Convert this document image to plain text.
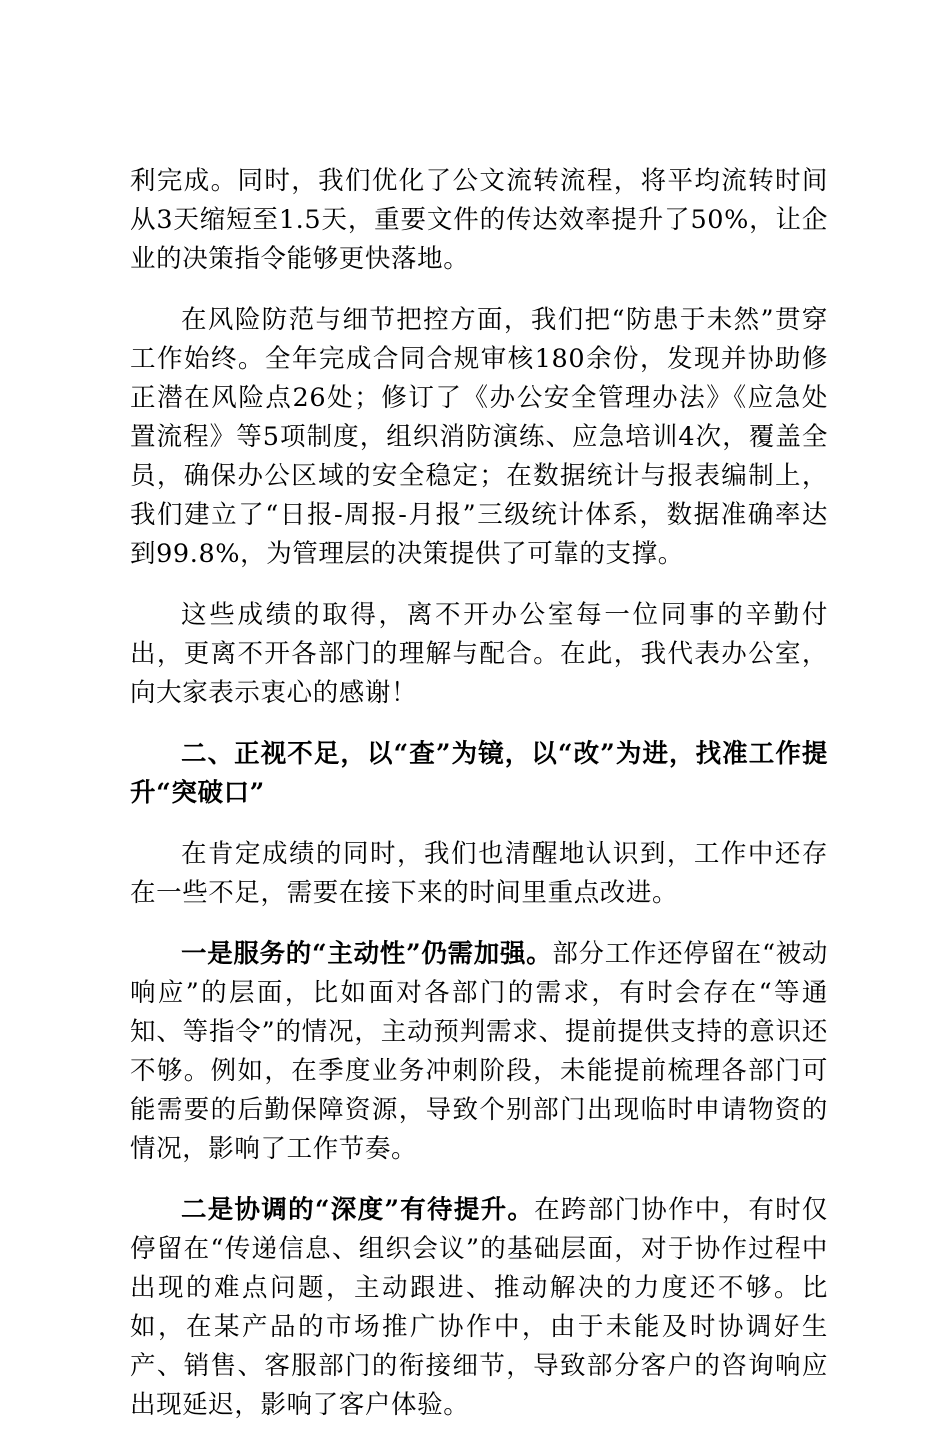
利完成。同时，我们优化了公文流转流程，将平均流转时间从3天缩短至1.5天，重要文件的传达效率提升了50%，让企业的决策指令能够更快落地。

在风险防范与细节把控方面，我们把“防患于未然”贯穿工作始终。全年完成合同合规审核180余份，发现并协助修正潜在风险点26处；修订了《办公安全管理办法》《应急处置流程》等5项制度，组织消防演练、应急培训4次，覆盖全员，确保办公区域的安全稳定；在数据统计与报表编制上，我们建立了“日报-周报-月报”三级统计体系，数据准确率达到99.8%，为管理层的决策提供了可靠的支撑。

这些成绩的取得，离不开办公室每一位同事的辛勤付出，更离不开各部门的理解与配合。在此，我代表办公室，向大家表示衷心的感谢！

二、正视不足，以“查”为镜，以“改”为进，找准工作提升“突破口”

在肯定成绩的同时，我们也清醒地认识到，工作中还存在一些不足，需要在接下来的时间里重点改进。

一是服务的“主动性”仍需加强。部分工作还停留在“被动响应”的层面，比如面对各部门的需求，有时会存在“等通知、等指令”的情况，主动预判需求、提前提供支持的意识还不够。例如，在季度业务冲刺阶段，未能提前梳理各部门可能需要的后勤保障资源，导致个别部门出现临时申请物资的情况，影响了工作节奏。

二是协调的“深度”有待提升。在跨部门协作中，有时仅停留在“传递信息、组织会议”的基础层面，对于协作过程中出现的难点问题，主动跟进、推动解决的力度还不够。比如，在某产品的市场推广协作中，由于未能及时协调好生产、销售、客服部门的衔接细节，导致部分客户的咨询响应出现延迟，影响了客户体验。
